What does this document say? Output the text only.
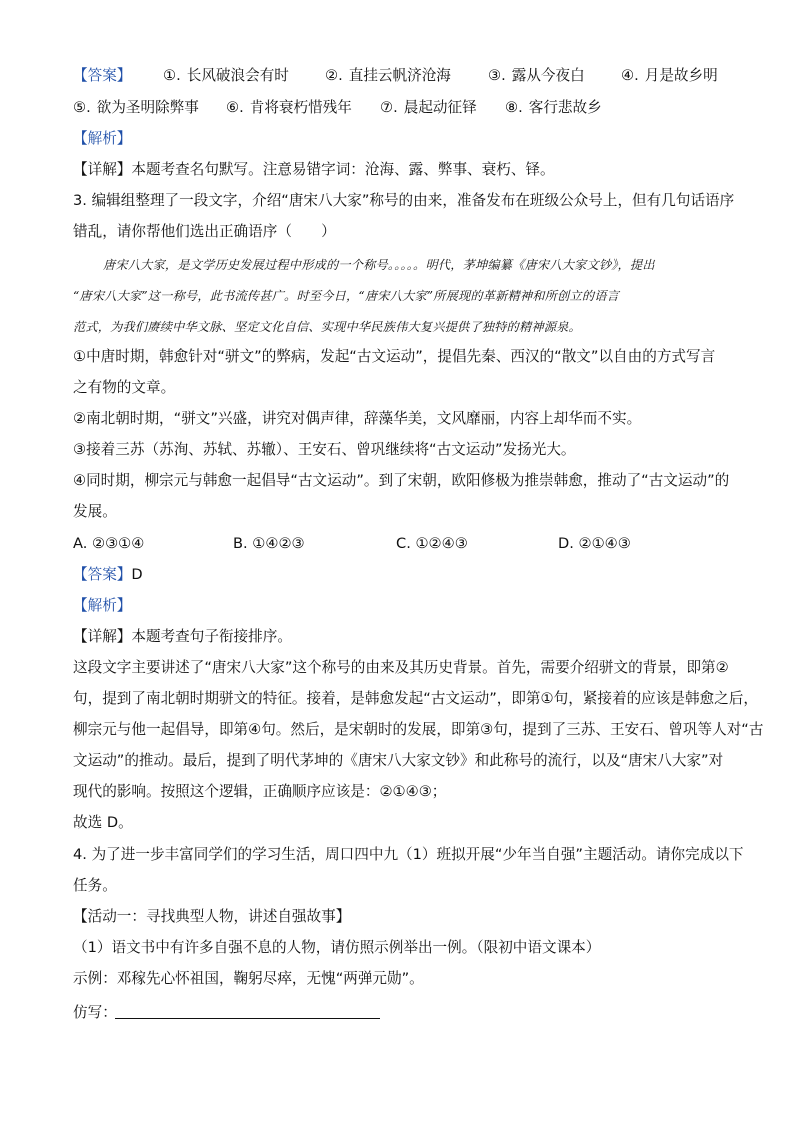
【答案】 ①. 长风破浪会有时 ②. 直挂云帆济沧海	③. 露从今夜白 ④. 月是故乡明
⑤. 欲为圣明除弊事 ⑥. 肯将衰朽惜残年 ⑦. 晨起动征铎 ⑧. 客行悲故乡
【解析】
【详解】本题考查名句默写。注意易错字词：沧海、露、弊事、衰朽、铎。
3. 编辑组整理了一段文字，介绍“唐宋八大家”称号的由来，准备发布在班级公众号上，但有几句话语序
错乱，请你帮他们选出正确语序（　　）
唐宋八大家，是文学历史发展过程中形成的一个称号。。。。。明代，茅坤编纂《唐宋八大家文钞》，提出
“唐宋八大家”这一称号，此书流传甚广。时至今日，“唐宋八大家”所展现的革新精神和所创立的语言
范式，为我们赓续中华文脉、坚定文化自信、实现中华民族伟大复兴提供了独特的精神源泉。
①中唐时期，韩愈针对“骈文”的弊病，发起“古文运动”，提倡先秦、西汉的“散文”以自由的方式写言
之有物的文章。
②南北朝时期，“骈文”兴盛，讲究对偶声律，辞藻华美，文风靡丽，内容上却华而不实。
③接着三苏（苏洵、苏轼、苏辙）、王安石、曾巩继续将“古文运动”发扬光大。
④同时期，柳宗元与韩愈一起倡导“古文运动”。到了宋朝，欧阳修极为推崇韩愈，推动了“古文运动”的
发展。
A. ②③①④	B. ①④②③	C. ①②④③	D. ②①④③
【答案】D
【解析】
【详解】本题考查句子衔接排序。
这段文字主要讲述了“唐宋八大家”这个称号的由来及其历史背景。首先，需要介绍骈文的背景，即第②
句，提到了南北朝时期骈文的特征。接着，是韩愈发起“古文运动”，即第①句，紧接着的应该是韩愈之后，
柳宗元与他一起倡导，即第④句。然后，是宋朝时的发展，即第③句，提到了三苏、王安石、曾巩等人对“古
文运动”的推动。最后，提到了明代茅坤的《唐宋八大家文钞》和此称号的流行，以及“唐宋八大家”对
现代的影响。按照这个逻辑，正确顺序应该是：②①④③；
故选 D。
4. 为了进一步丰富同学们的学习生活，周口四中九（1）班拟开展“少年当自强”主题活动。请你完成以下
任务。
【活动一：寻找典型人物，讲述自强故事】
（1）语文书中有许多自强不息的人物，请仿照示例举出一例。（限初中语文课本）
示例：邓稼先心怀祖国，鞠躬尽瘁，无愧“两弹元勋”。
仿写：
